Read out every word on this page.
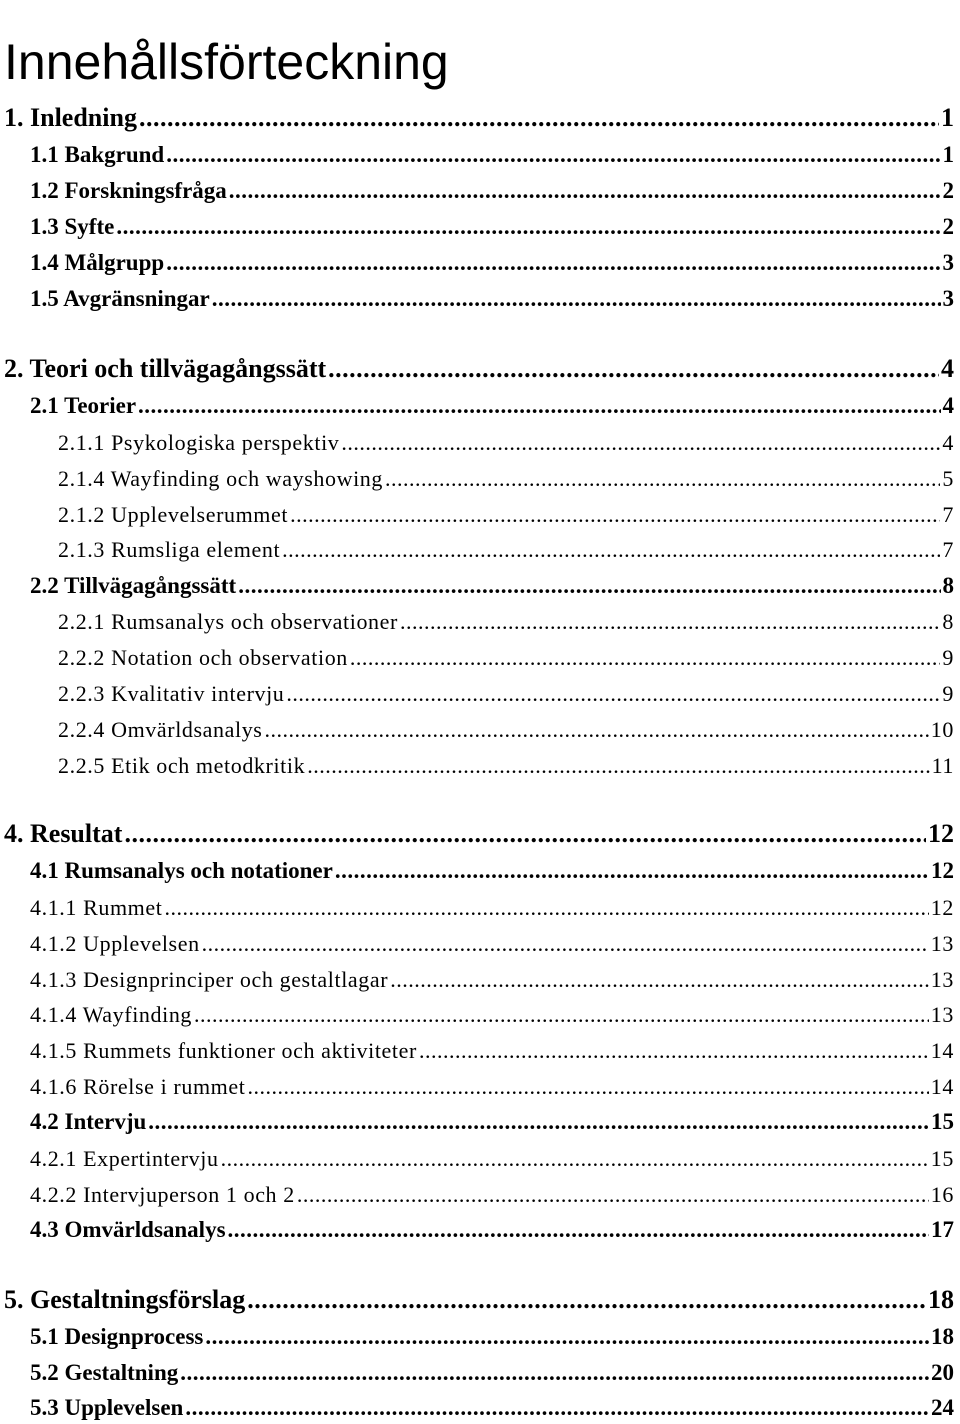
Innehållsförteckning
1. Inledning .....	1
1.1 Bakgrund .....	1
1.2 Forskningsfråga .....	2
1.3 Syfte .....	2
1.4 Målgrupp .....	3
1.5 Avgränsningar .....	3
2. Teori och tillvägagångssätt .....	4
2.1 Teorier .....	4
2.1.1 Psykologiska perspektiv .....	4
2.1.4 Wayfinding och wayshowing .....	5
2.1.2 Upplevelserummet .....	7
2.1.3 Rumsliga element .....	7
2.2 Tillvägagångssätt .....	8
2.2.1 Rumsanalys och observationer .....	8
2.2.2 Notation och observation .....	9
2.2.3 Kvalitativ intervju .....	9
2.2.4 Omvärldsanalys .....	10
2.2.5 Etik och metodkritik .....	11
4. Resultat .....	12
4.1 Rumsanalys och notationer .....	12
4.1.1 Rummet .....	12
4.1.2 Upplevelsen .....	13
4.1.3 Designprinciper och gestaltlagar .....	13
4.1.4 Wayfinding .....	13
4.1.5 Rummets funktioner och aktiviteter .....	14
4.1.6 Rörelse i rummet .....	14
4.2 Intervju .....	15
4.2.1 Expertintervju .....	15
4.2.2 Intervjuperson 1 och 2 .....	16
4.3 Omvärldsanalys .....	17
5. Gestaltningsförslag .....	18
5.1 Designprocess .....	18
5.2 Gestaltning .....	20
5.3 Upplevelsen .....	24
